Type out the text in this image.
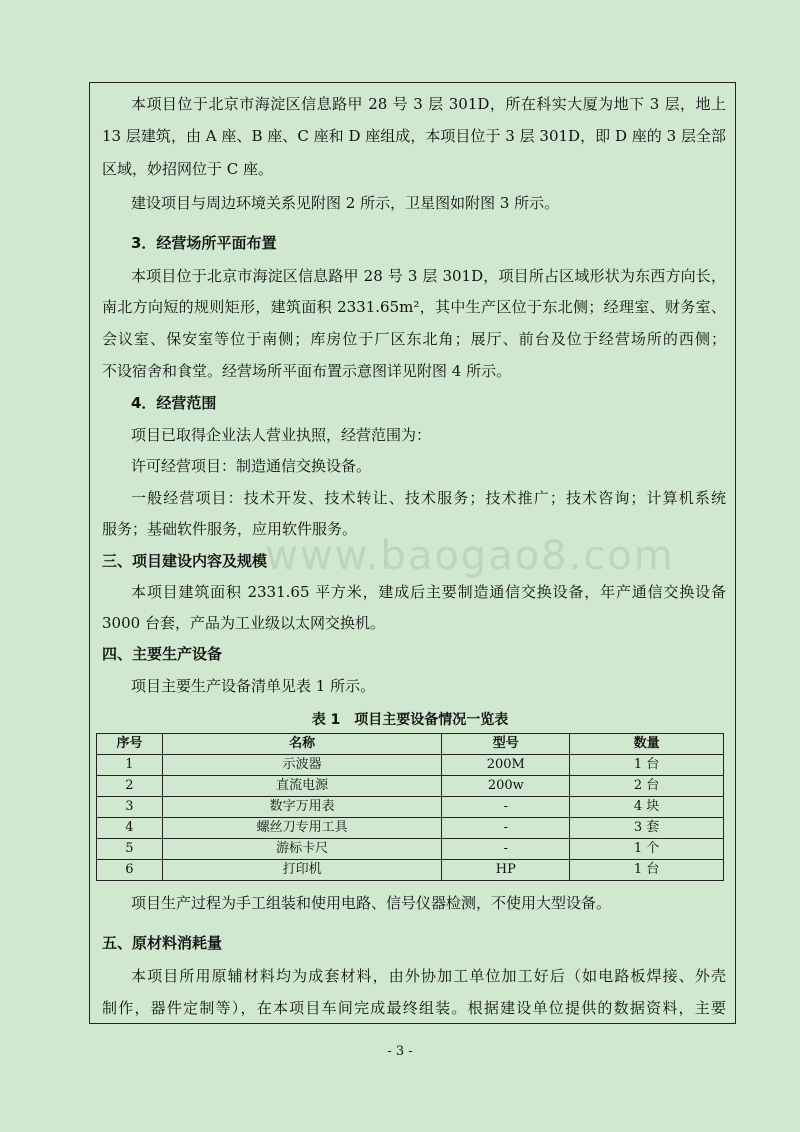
本项目位于北京市海淀区信息路甲 28 号 3 层 301D，所在科实大厦为地下 3 层，地上
13 层建筑，由 A 座、B 座、C 座和 D 座组成，本项目位于 3 层 301D，即 D 座的 3 层全部
区域，妙招网位于 C 座。
建设项目与周边环境关系见附图 2 所示，卫星图如附图 3 所示。
3．经营场所平面布置
本项目位于北京市海淀区信息路甲 28 号 3 层 301D，项目所占区域形状为东西方向长，
南北方向短的规则矩形，建筑面积 2331.65m²，其中生产区位于东北侧；经理室、财务室、
会议室、保安室等位于南侧；库房位于厂区东北角；展厅、前台及位于经营场所的西侧；
不设宿舍和食堂。经营场所平面布置示意图详见附图 4 所示。
4．经营范围
项目已取得企业法人营业执照，经营范围为：
许可经营项目：制造通信交换设备。
一般经营项目：技术开发、技术转让、技术服务；技术推广；技术咨询；计算机系统
服务；基础软件服务，应用软件服务。
www.baogao8.com
三、项目建设内容及规模
本项目建筑面积 2331.65 平方米，建成后主要制造通信交换设备，年产通信交换设备
3000 台套，产品为工业级以太网交换机。
四、主要生产设备
项目主要生产设备清单见表 1 所示。
表 1　项目主要设备情况一览表
序号	名称	型号	数量
1	示波器	200M	1 台
2	直流电源	200w	2 台
3	数字万用表	-	4 块
4	螺丝刀专用工具	-	3 套
5	游标卡尺	-	1 个
6	打印机	HP	1 台
项目生产过程为手工组装和使用电路、信号仪器检测，不使用大型设备。
五、原材料消耗量
本项目所用原辅材料均为成套材料，由外协加工单位加工好后（如电路板焊接、外壳
制作，器件定制等），在本项目车间完成最终组装。根据建设单位提供的数据资料，主要
- 3 -
